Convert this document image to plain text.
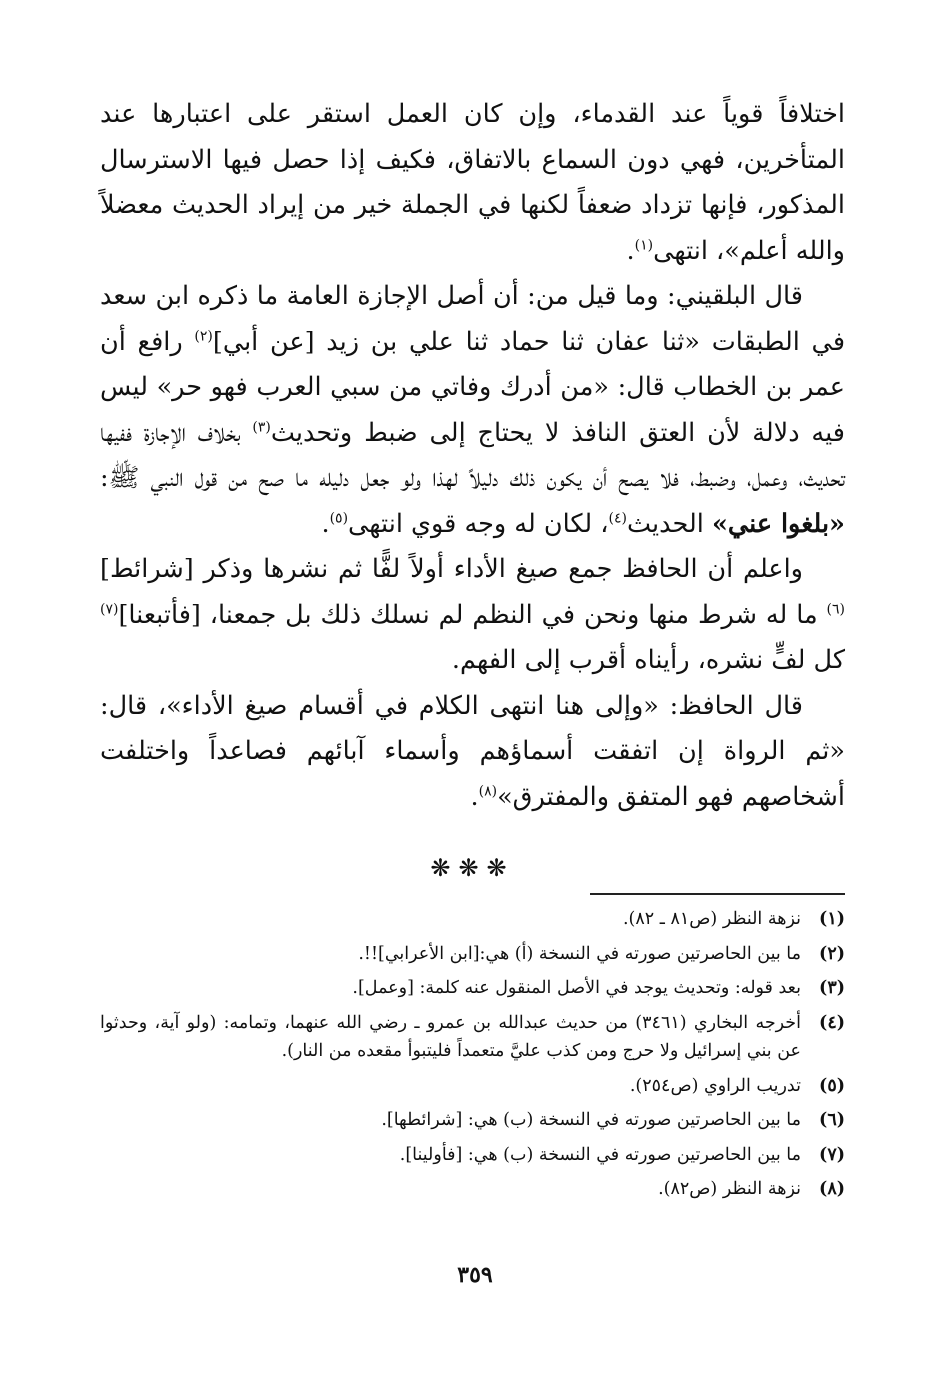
اختلافاً قوياً عند القدماء، وإن كان العمل استقر على اعتبارها عند المتأخرين، فهي دون السماع بالاتفاق، فكيف إذا حصل فيها الاسترسال المذكور، فإنها تزداد ضعفاً لكنها في الجملة خير من إيراد الحديث معضلاً والله أعلم»، انتهى$^{(١)}$.

قال البلقيني: وما قيل من: أن أصل الإجازة العامة ما ذكره ابن سعد في الطبقات «ثنا عفان ثنا حماد ثنا علي بن زيد [عن أبي]$^{(٢)}$ رافع أن عمر بن الخطاب قال: «من أدرك وفاتي من سبي العرب فهو حر» ليس فيه دلالة لأن العتق النافذ لا يحتاج إلى ضبط وتحديث$^{(٣)}$ بخلاف الإجازة ففيها تحديث، وعمل، وضبط، فلا يصح أن يكون ذلك دليلاً لهذا ولو جعل دليله ما صح من قول النبي ﷺ: «بلغوا عني» الحديث$^{(٤)}$، لكان له وجه قوي انتهى$^{(٥)}$.

واعلم أن الحافظ جمع صيغ الأداء أولاً لفًّا ثم نشرها وذكر [شرائط]$^{(٦)}$ ما له شرط منها ونحن في النظم لم نسلك ذلك بل جمعنا، [فأتبعنا]$^{(٧)}$ كل لفٍّ نشره، رأيناه أقرب إلى الفهم.

قال الحافظ: «وإلى هنا انتهى الكلام في أقسام صيغ الأداء»، قال: «ثم الرواة إن اتفقت أسماؤهم وأسماء آبائهم فصاعداً واختلفت أشخاصهم فهو المتفق والمفترق»$^{(٨)}$.

❋❋❋
(١)
نزهة النظر (ص٨١ ـ ٨٢).
(٢)
ما بين الحاصرتين صورته في النسخة (أ) هي:[ابن الأعرابي]!!.
(٣)
بعد قوله: وتحديث يوجد في الأصل المنقول عنه كلمة: [وعمل].
(٤)
أخرجه البخاري (٣٤٦١) من حديث عبدالله بن عمرو ـ رضي الله عنهما، وتمامه: (ولو آية، وحدثوا عن بني إسرائيل ولا حرج ومن كذب عليَّ متعمداً فليتبوأ مقعده من النار).
(٥)
تدريب الراوي (ص٢٥٤).
(٦)
ما بين الحاصرتين صورته في النسخة (ب) هي: [شرائطها].
(٧)
ما بين الحاصرتين صورته في النسخة (ب) هي: [فأولينا].
(٨)
نزهة النظر (ص٨٢).
٣٥٩
